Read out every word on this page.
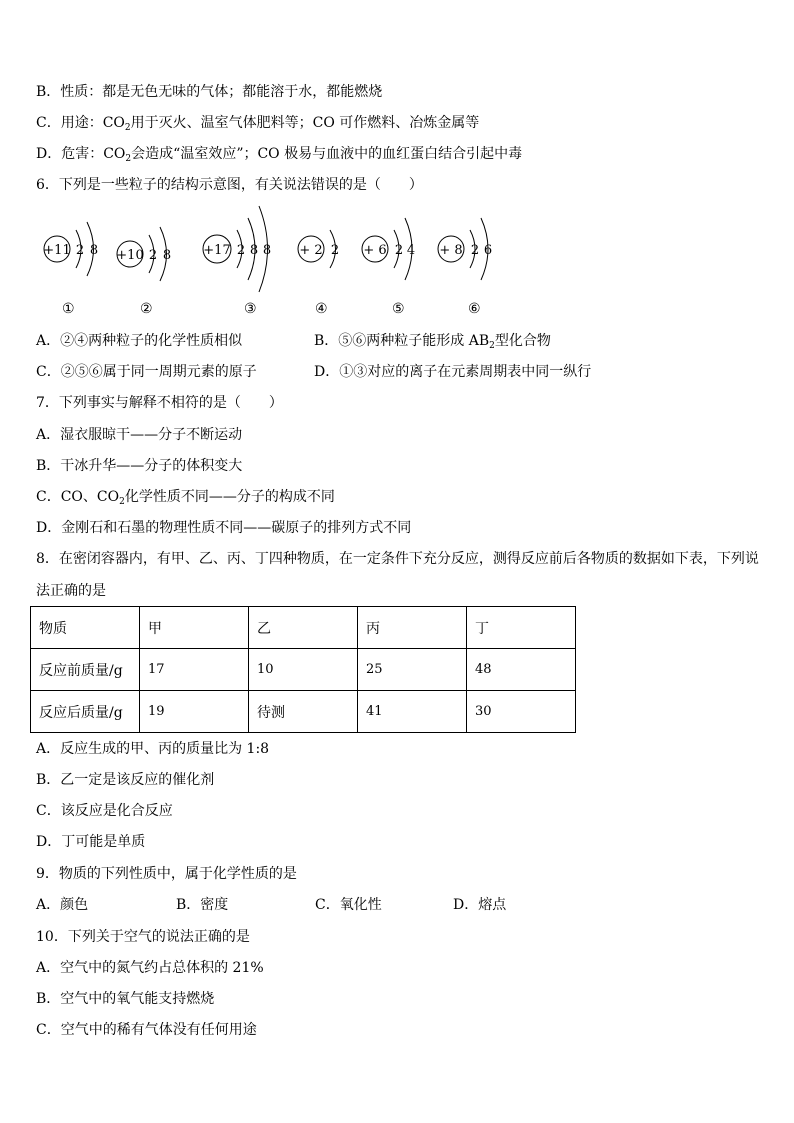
B．性质：都是无色无味的气体；都能溶于水，都能燃烧
C．用途：$CO_2$用于灭火、温室气体肥料等；CO 可作燃料、冶炼金属等
D．危害：$CO_2$会造成“温室效应”；CO 极易与血液中的血红蛋白结合引起中毒
6．下列是一些粒子的结构示意图，有关说法错误的是（　　）
+11 2 8 +10 2 8 +17 2 8 8 + 2 2 + 6 2 4 + 8 2 6
①	②	③	④	⑤	⑥
A．②④两种粒子的化学性质相似	B．⑤⑥两种粒子能形成 $AB_2$型化合物
C．②⑤⑥属于同一周期元素的原子	D．①③对应的离子在元素周期表中同一纵行
7．下列事实与解释不相符的是（　　）
A．湿衣服晾干——分子不断运动
B．干冰升华——分子的体积变大
C．CO、$CO_2$化学性质不同——分子的构成不同
D．金刚石和石墨的物理性质不同——碳原子的排列方式不同
8．在密闭容器内，有甲、乙、丙、丁四种物质，在一定条件下充分反应，测得反应前后各物质的数据如下表，下列说
法正确的是
物质	甲	乙	丙	丁
反应前质量/g	17	10	25	48
反应后质量/g	19	待测	41	30
A．反应生成的甲、丙的质量比为 1:8
B．乙一定是该反应的催化剂
C．该反应是化合反应
D．丁可能是单质
9．物质的下列性质中，属于化学性质的是
A．颜色	B．密度	C．氧化性	D．熔点
10．下列关于空气的说法正确的是
A．空气中的氮气约占总体积的 21%
B．空气中的氧气能支持燃烧
C．空气中的稀有气体没有任何用途
